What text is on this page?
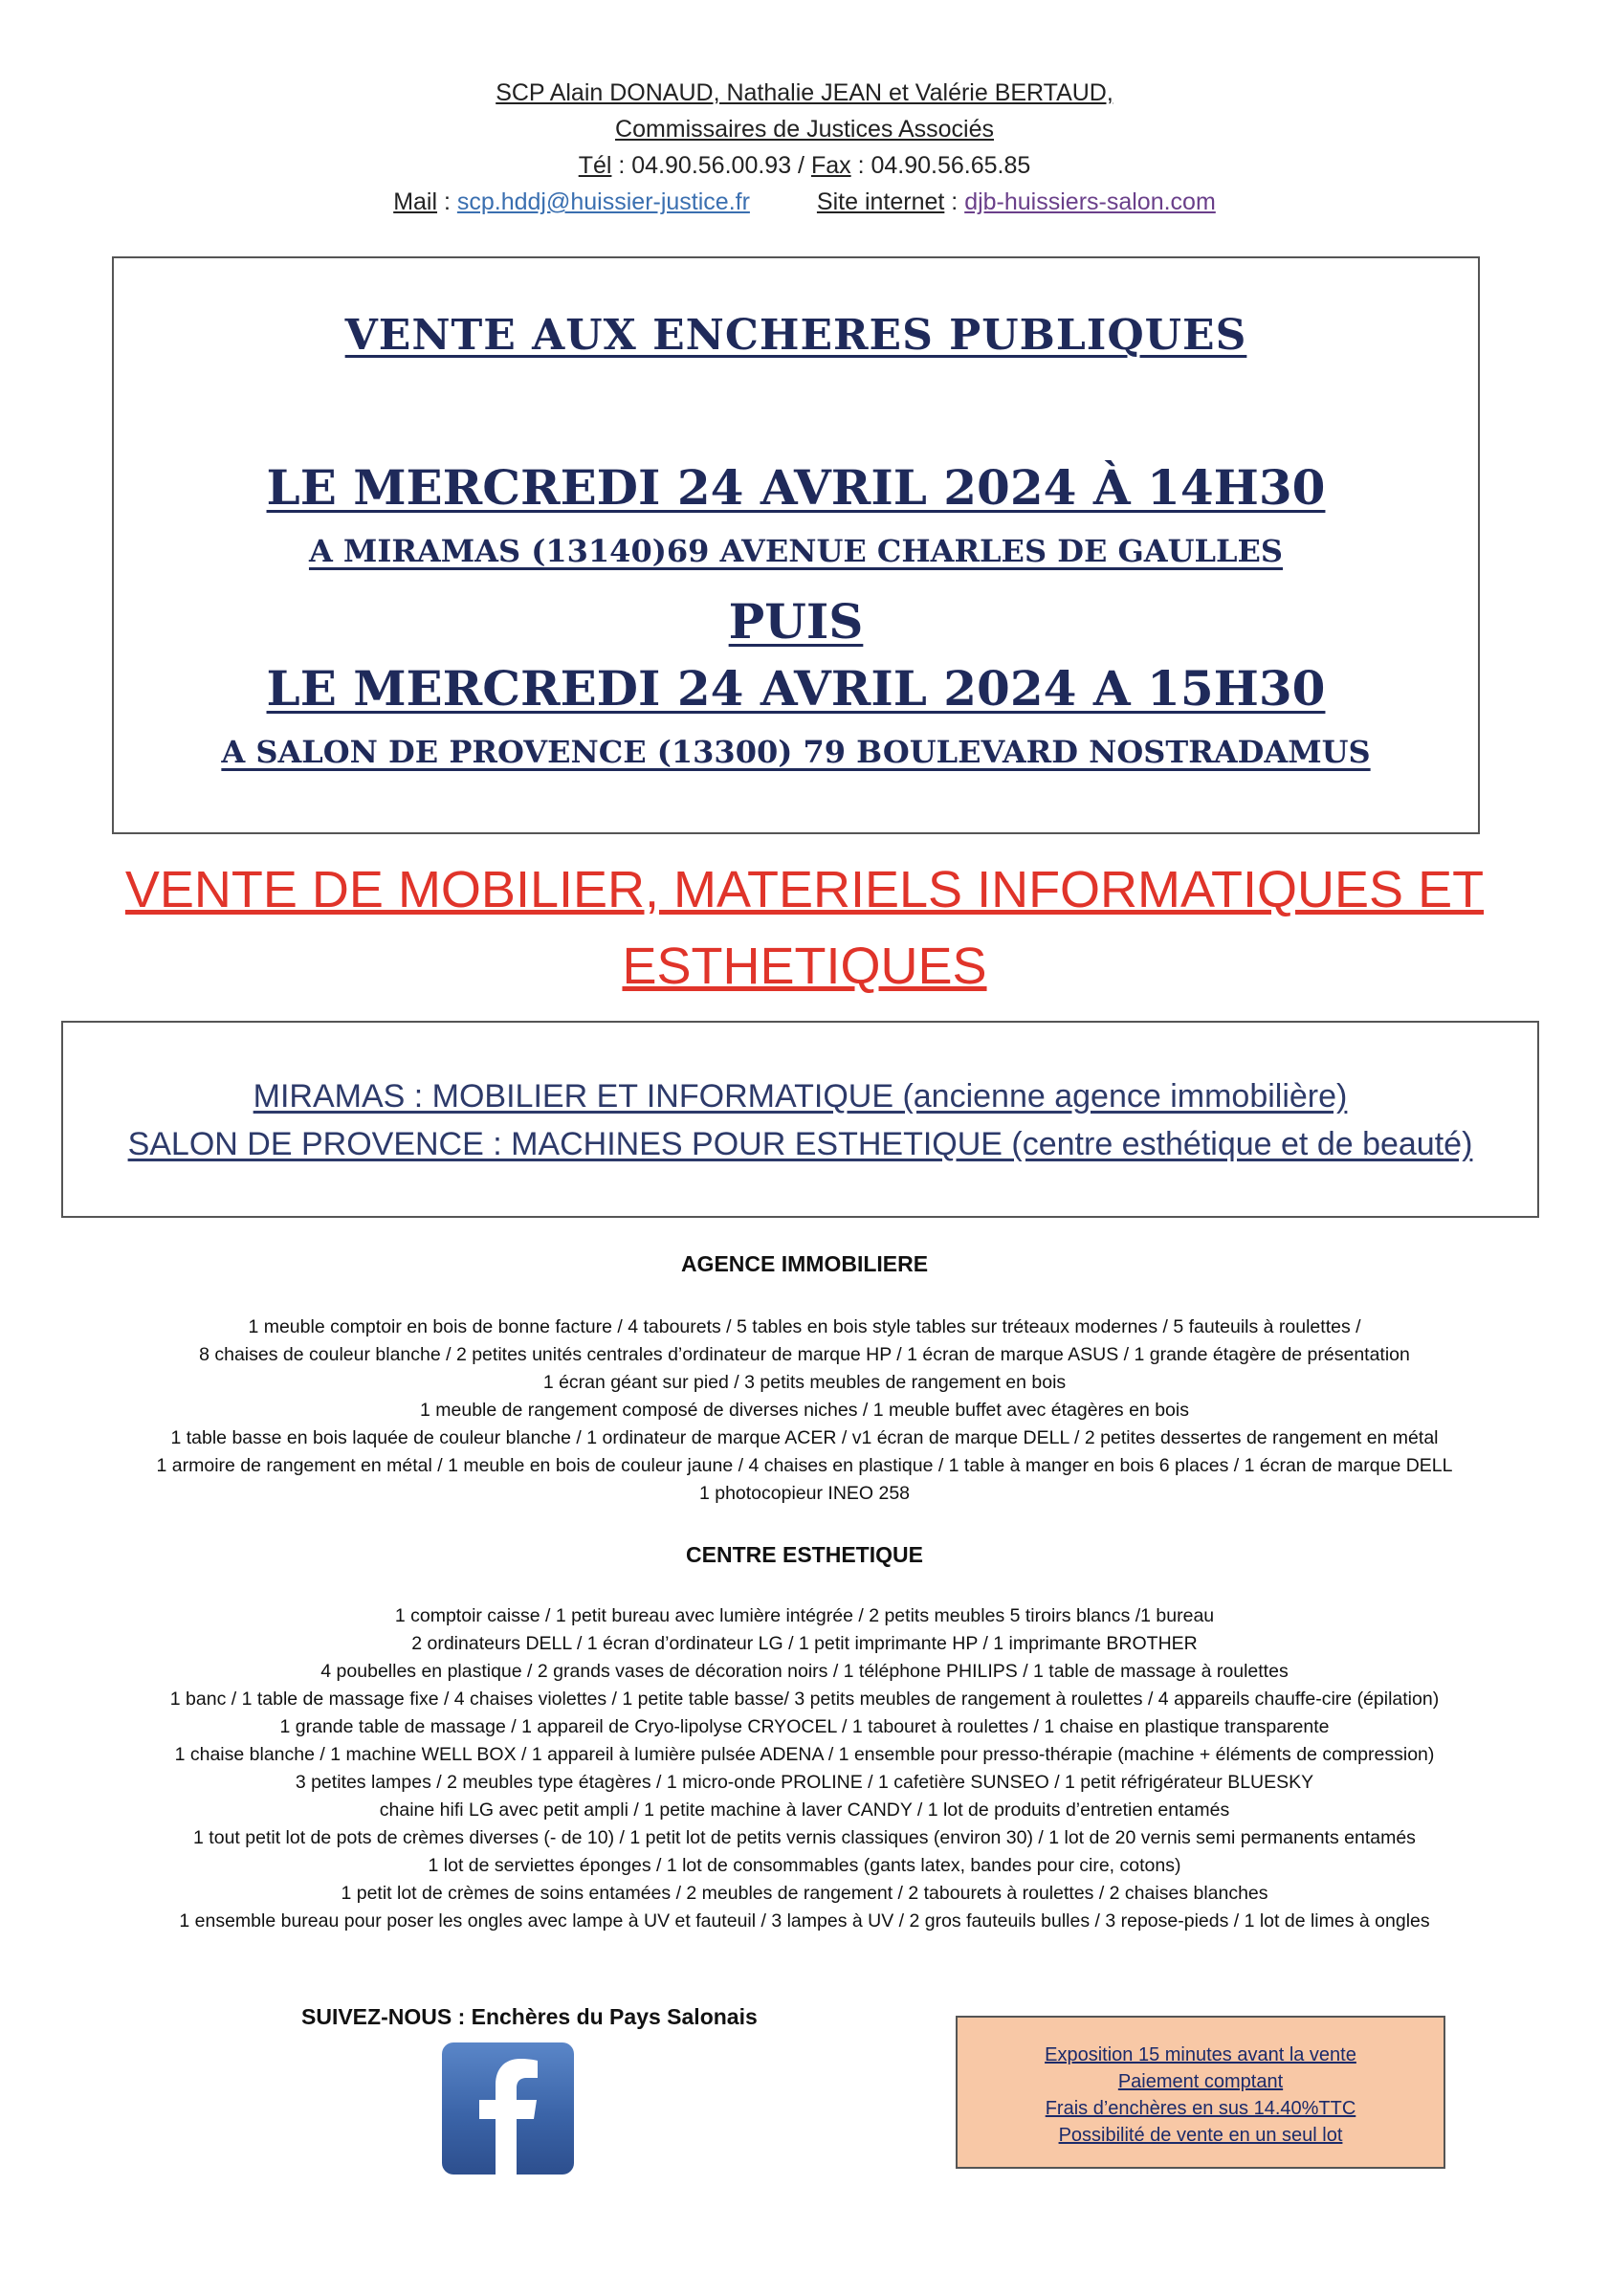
SCP Alain DONAUD, Nathalie JEAN et Valérie BERTAUD,
Commissaires de Justices Associés
Tél : 04.90.56.00.93 / Fax : 04.90.56.65.85
Mail : scp.hddj@huissier-justice.fr	Site internet : djb-huissiers-salon.com
VENTE AUX ENCHERES PUBLIQUES
LE MERCREDI 24 AVRIL 2024 À 14H30
A MIRAMAS (13140)69 AVENUE CHARLES DE GAULLES
PUIS
LE MERCREDI 24 AVRIL 2024 A 15H30
A SALON DE PROVENCE (13300) 79 BOULEVARD NOSTRADAMUS
VENTE DE MOBILIER, MATERIELS INFORMATIQUES ET
ESTHETIQUES
MIRAMAS : MOBILIER ET INFORMATIQUE (ancienne agence immobilière)
SALON DE PROVENCE : MACHINES POUR ESTHETIQUE (centre esthétique et de beauté)
AGENCE IMMOBILIERE
1 meuble comptoir en bois de bonne facture / 4 tabourets / 5 tables en bois style tables sur tréteaux modernes / 5 fauteuils à roulettes /
8 chaises de couleur blanche / 2 petites unités centrales d’ordinateur de marque HP / 1 écran de marque ASUS / 1 grande étagère de présentation
1 écran géant sur pied / 3 petits meubles de rangement en bois
1 meuble de rangement composé de diverses niches / 1 meuble buffet avec étagères en bois
1 table basse en bois laquée de couleur blanche / 1 ordinateur de marque ACER / v1 écran de marque DELL / 2 petites dessertes de rangement en métal
1 armoire de rangement en métal / 1 meuble en bois de couleur jaune / 4 chaises en plastique / 1 table à manger en bois 6 places / 1 écran de marque DELL
1 photocopieur INEO 258
CENTRE ESTHETIQUE
1 comptoir caisse / 1 petit bureau avec lumière intégrée / 2 petits meubles 5 tiroirs blancs /1 bureau
2 ordinateurs DELL / 1 écran d’ordinateur LG / 1 petit imprimante HP / 1 imprimante BROTHER
4 poubelles en plastique / 2 grands vases de décoration noirs / 1 téléphone PHILIPS / 1 table de massage à roulettes
1 banc / 1 table de massage fixe / 4 chaises violettes / 1 petite table basse/ 3 petits meubles de rangement à roulettes / 4 appareils chauffe-cire (épilation)
1 grande table de massage / 1 appareil de Cryo-lipolyse CRYOCEL / 1 tabouret à roulettes / 1 chaise en plastique transparente
1 chaise blanche / 1 machine WELL BOX / 1 appareil à lumière pulsée ADENA / 1 ensemble pour presso-thérapie (machine + éléments de compression)
3 petites lampes / 2 meubles type étagères / 1 micro-onde PROLINE / 1 cafetière SUNSEO / 1 petit réfrigérateur BLUESKY
chaine hifi LG avec petit ampli / 1 petite machine à laver CANDY / 1 lot de produits d’entretien entamés
1 tout petit lot de pots de crèmes diverses (- de 10) / 1 petit lot de petits vernis classiques (environ 30) / 1 lot de 20 vernis semi permanents entamés
1 lot de serviettes éponges / 1 lot de consommables (gants latex, bandes pour cire, cotons)
1 petit lot de crèmes de soins entamées / 2 meubles de rangement / 2 tabourets à roulettes / 2 chaises blanches
1 ensemble bureau pour poser les ongles avec lampe à UV et fauteuil / 3 lampes à UV / 2 gros fauteuils bulles / 3 repose-pieds / 1 lot de limes à ongles
SUIVEZ-NOUS : Enchères du Pays Salonais
Exposition 15 minutes avant la vente
Paiement comptant
Frais d’enchères en sus 14.40%TTC
Possibilité de vente en un seul lot
